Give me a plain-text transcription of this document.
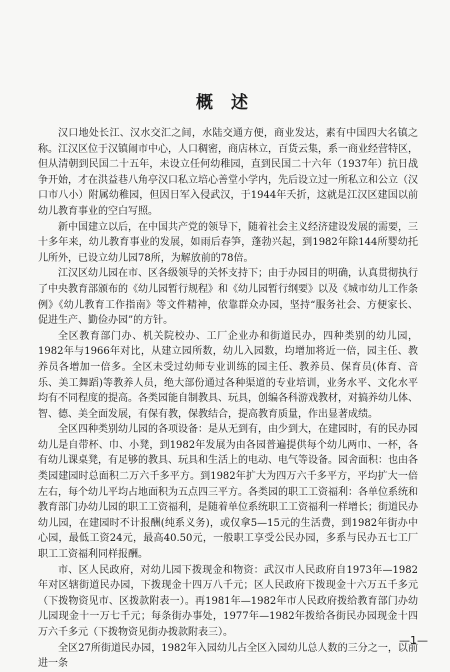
概 述

汉口地处长江、汉水交汇之间，水陆交通方便，商业发达，素有中国四大名镇之称。江汉区位于汉镇闹市中心，人口稠密，商店林立，百货云集，系一商业经营特区，但从清朝到民国二十五年，未设立任何幼稚园，直到民国二十六年（1937年）抗日战争开始，才在洪益巷八角亭汉口私立培心善堂小学内，先后设立过一所私立和公立（汉口市八小）附属幼稚园，但因日军入侵武汉，于1944年夭折，这就是江汉区建国以前幼儿教育事业的空白写照。

新中国建立以后，在中国共产党的领导下，随着社会主义经济建设发展的需要，三十多年来，幼儿教育事业的发展，如雨后春笋，蓬勃兴起，到1982年除144所婴幼托儿所外，已设立幼儿园78所，为解放前的78倍。

江汉区幼儿园在市、区各级领导的关怀支持下；由于办园目的明确，认真贯彻执行了中央教育部颁布的《幼儿园暂行规程》和《幼儿园暂行纲要》以及《城市幼儿工作条例》《幼儿教育工作指南》等文件精神，依靠群众办园，坚持“服务社会、方便家长、促进生产、勤俭办园”的方针。

全区教育部门办、机关院校办、工厂企业办和街道民办，四种类别的幼儿园，1982年与1966年对比，从建立园所数，幼儿入园数，均增加将近一倍，园主任、教养员各增加一倍多。全区未受过幼师专业训练的园主任、教养员、保育员(体育、音乐、美工舞蹈)等教养人员，绝大部份通过各种渠道的专业培训，业务水平、文化水平均有不同程度的提高。各类园能自制教具、玩具，创编各科游戏教材，对搞养幼儿体、智、德、美全面发展，有保有教，保教结合，提高教育质量，作出显著成绩。

全区四种类别幼儿园的各项设备：是从无到有，由少到大，在建园时，有的民办园幼儿是自带杯、巾、小凳，到1982年发展为由各园普遍提供每个幼儿两巾、一杯，各有幼儿课桌凳，有足够的教具、玩具和生活上的电动、电气等设备。园舍面积：也由各类园建园时总面积二万六千多平方。到1982年扩大为四万六千多平方，平均扩大一倍左右，每个幼儿平均占地面积为五点四三平方。各类园的职工工资福利：各单位系统和教育部门办幼儿园的职工工资福利，是随着单位系统职工工资福利一样增长；街道民办幼儿园，在建园时不计报酬(纯系义务)，或仅拿5—15元的生活费，到1982年街办中心园，最低工资24元，最高40.50元，一般职工享受公民办园，多系与民办五七工厂职工工资福利同样报酬。

市、区人民政府，对幼儿园下拨现金和物资：武汉市人民政府自1973年—1982年对区辖街道民办园，下拨现金十四万八千元；区人民政府下拨现金十六万五千多元（下拨物资见市、区拨款附表一）。再1981年—1982年市人民政府拨给教育部门办幼儿园现金十一万七千元；每条街办事处，1977年—1982年拨给各街民办园现金十四万六千多元（下拨物资见街办拨款附表三）。

全区27所街道民办园，1982年入园幼儿占全区入园幼儿总人数的三分之一，以前进一条

—1—
